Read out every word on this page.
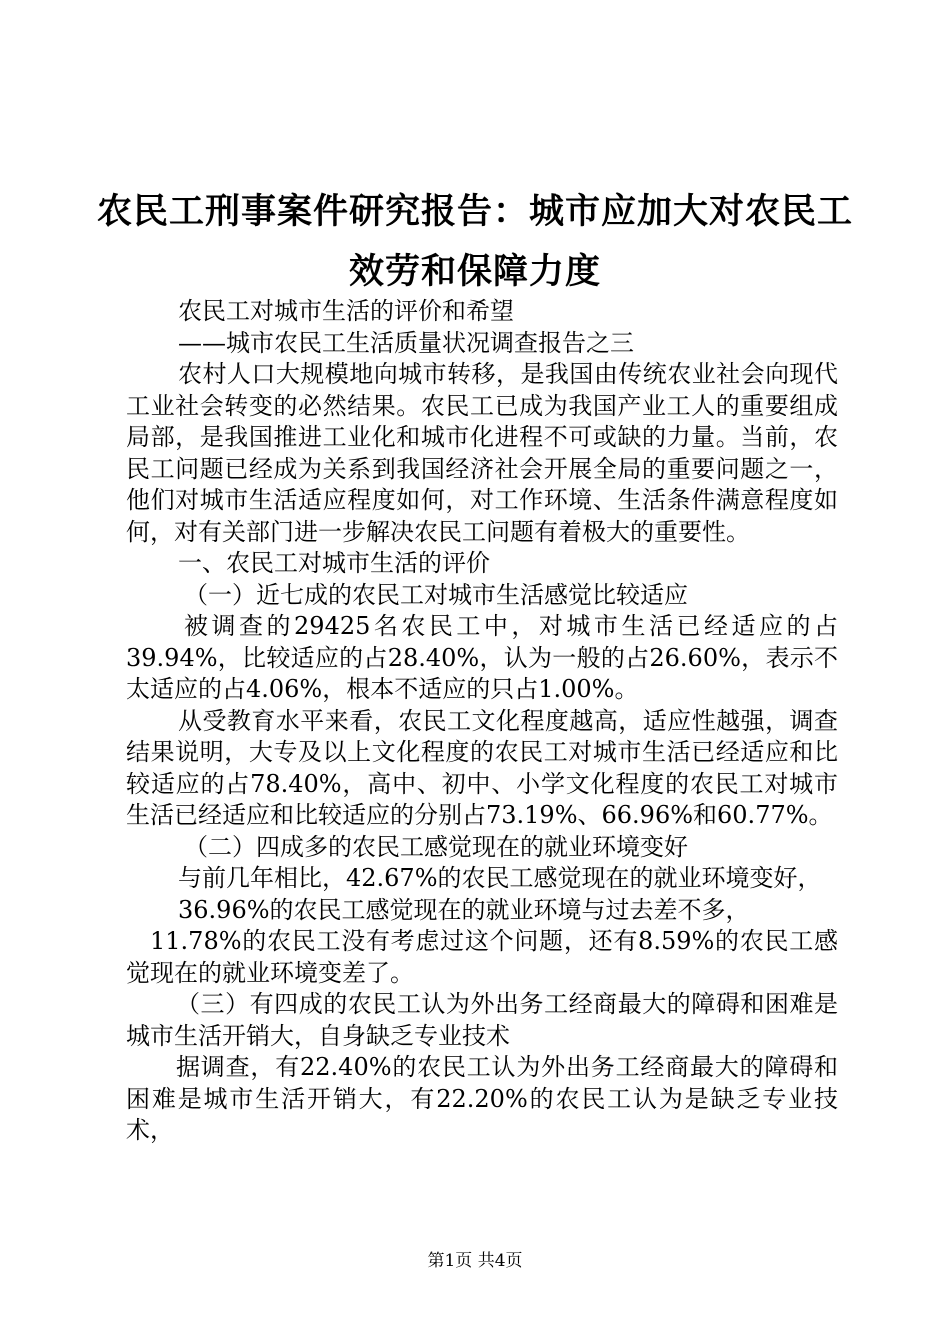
农民工刑事案件研究报告：城市应加大对农民工效劳和保障力度

农民工对城市生活的评价和希望

——城市农民工生活质量状况调查报告之三

农村人口大规模地向城市转移，是我国由传统农业社会向现代工业社会转变的必然结果。农民工已成为我国产业工人的重要组成局部，是我国推进工业化和城市化进程不可或缺的力量。当前，农民工问题已经成为关系到我国经济社会开展全局的重要问题之一，他们对城市生活适应程度如何，对工作环境、生活条件满意程度如何，对有关部门进一步解决农民工问题有着极大的重要性。

一、农民工对城市生活的评价

（一）近七成的农民工对城市生活感觉比较适应

被调查的29425名农民工中，对城市生活已经适应的占39.94%，比较适应的占28.40%，认为一般的占26.60%，表示不太适应的占4.06%，根本不适应的只占1.00%。

从受教育水平来看，农民工文化程度越高，适应性越强，调查结果说明，大专及以上文化程度的农民工对城市生活已经适应和比较适应的占78.40%，高中、初中、小学文化程度的农民工对城市生活已经适应和比较适应的分别占73.19%、66.96%和60.77%。

（二）四成多的农民工感觉现在的就业环境变好

与前几年相比，42.67%的农民工感觉现在的就业环境变好，

36.96%的农民工感觉现在的就业环境与过去差不多，

11.78%的农民工没有考虑过这个问题，还有8.59%的农民工感觉现在的就业环境变差了。

（三）有四成的农民工认为外出务工经商最大的障碍和困难是城市生活开销大，自身缺乏专业技术

据调查，有22.40%的农民工认为外出务工经商最大的障碍和困难是城市生活开销大，有22.20%的农民工认为是缺乏专业技术，

第1页 共4页
